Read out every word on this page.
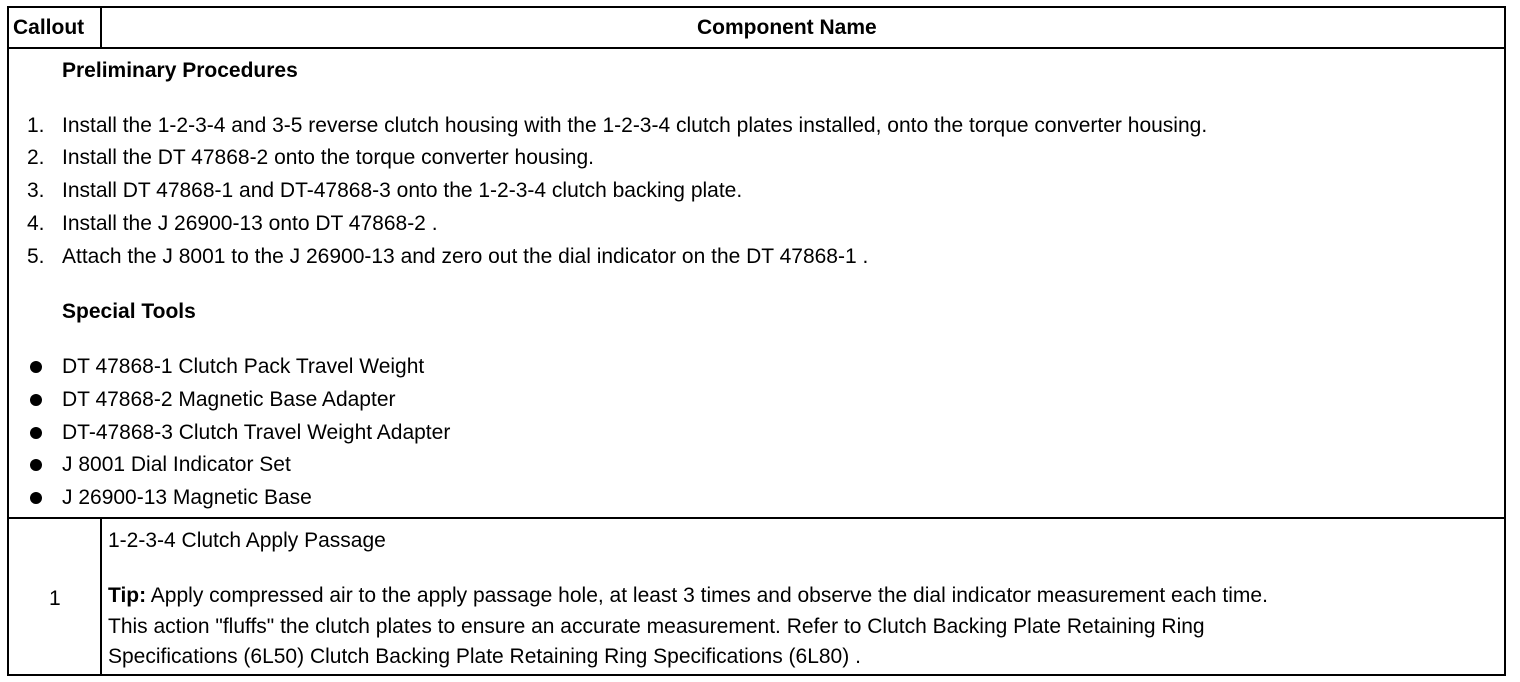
Callout	Component Name
Preliminary Procedures
1. Install the 1-2-3-4 and 3-5 reverse clutch housing with the 1-2-3-4 clutch plates installed, onto the torque converter housing.
2. Install the DT 47868-2 onto the torque converter housing.
3. Install DT 47868-1 and DT-47868-3 onto the 1-2-3-4 clutch backing plate.
4. Install the J 26900-13 onto DT 47868-2 .
5. Attach the J 8001 to the J 26900-13 and zero out the dial indicator on the DT 47868-1 .
Special Tools
DT 47868-1 Clutch Pack Travel Weight
DT 47868-2 Magnetic Base Adapter
DT-47868-3 Clutch Travel Weight Adapter
J 8001 Dial Indicator Set
J 26900-13 Magnetic Base
1
1-2-3-4 Clutch Apply Passage
Tip: Apply compressed air to the apply passage hole, at least 3 times and observe the dial indicator measurement each time.
This action "fluffs" the clutch plates to ensure an accurate measurement. Refer to Clutch Backing Plate Retaining Ring
Specifications (6L50) Clutch Backing Plate Retaining Ring Specifications (6L80) .
